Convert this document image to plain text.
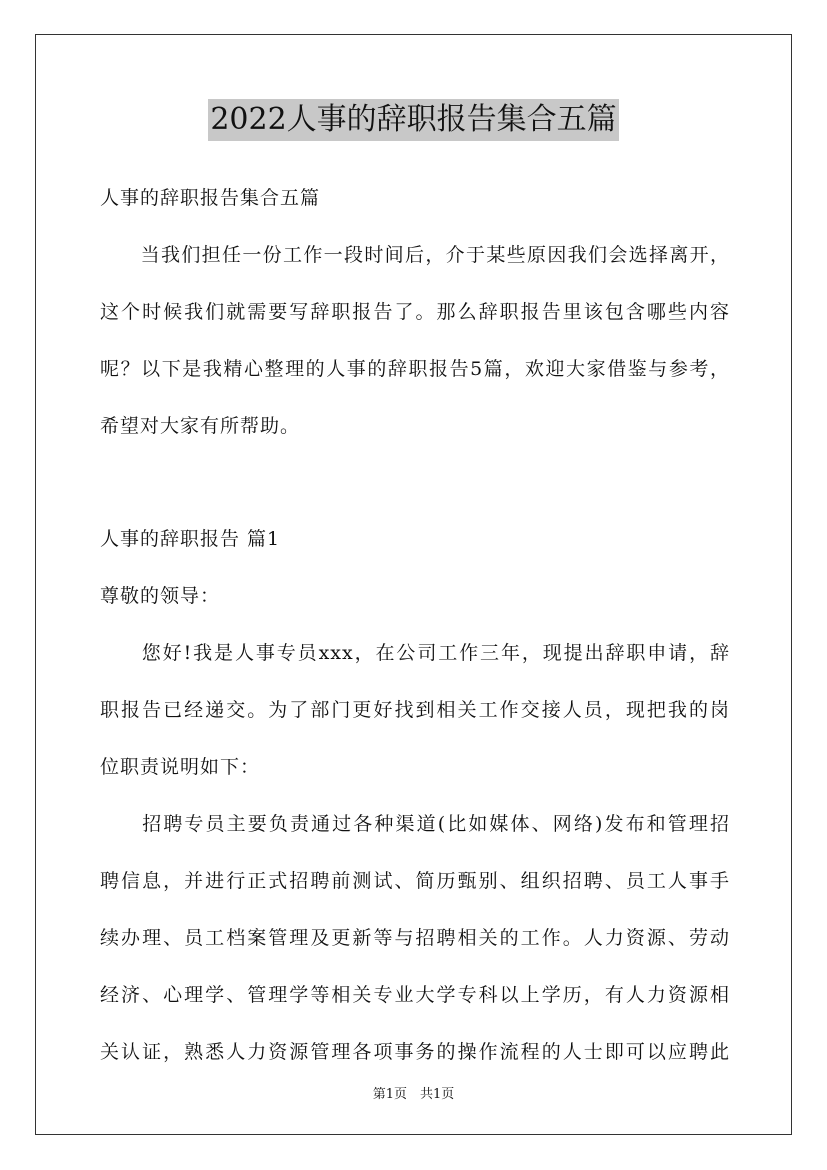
2022人事的辞职报告集合五篇
人事的辞职报告集合五篇
　　当我们担任一份工作一段时间后，介于某些原因我们会选择离开，
这个时候我们就需要写辞职报告了。那么辞职报告里该包含哪些内容
呢？以下是我精心整理的人事的辞职报告5篇，欢迎大家借鉴与参考，
希望对大家有所帮助。
人事的辞职报告 篇1
尊敬的领导：
　　您好!我是人事专员xxx，在公司工作三年，现提出辞职申请，辞
职报告已经递交。为了部门更好找到相关工作交接人员，现把我的岗
位职责说明如下：
　　招聘专员主要负责通过各种渠道(比如媒体、网络)发布和管理招
聘信息，并进行正式招聘前测试、简历甄别、组织招聘、员工人事手
续办理、员工档案管理及更新等与招聘相关的工作。人力资源、劳动
经济、心理学、管理学等相关专业大学专科以上学历，有人力资源相
关认证，熟悉人力资源管理各项事务的操作流程的人士即可以应聘此
第1页　共1页
